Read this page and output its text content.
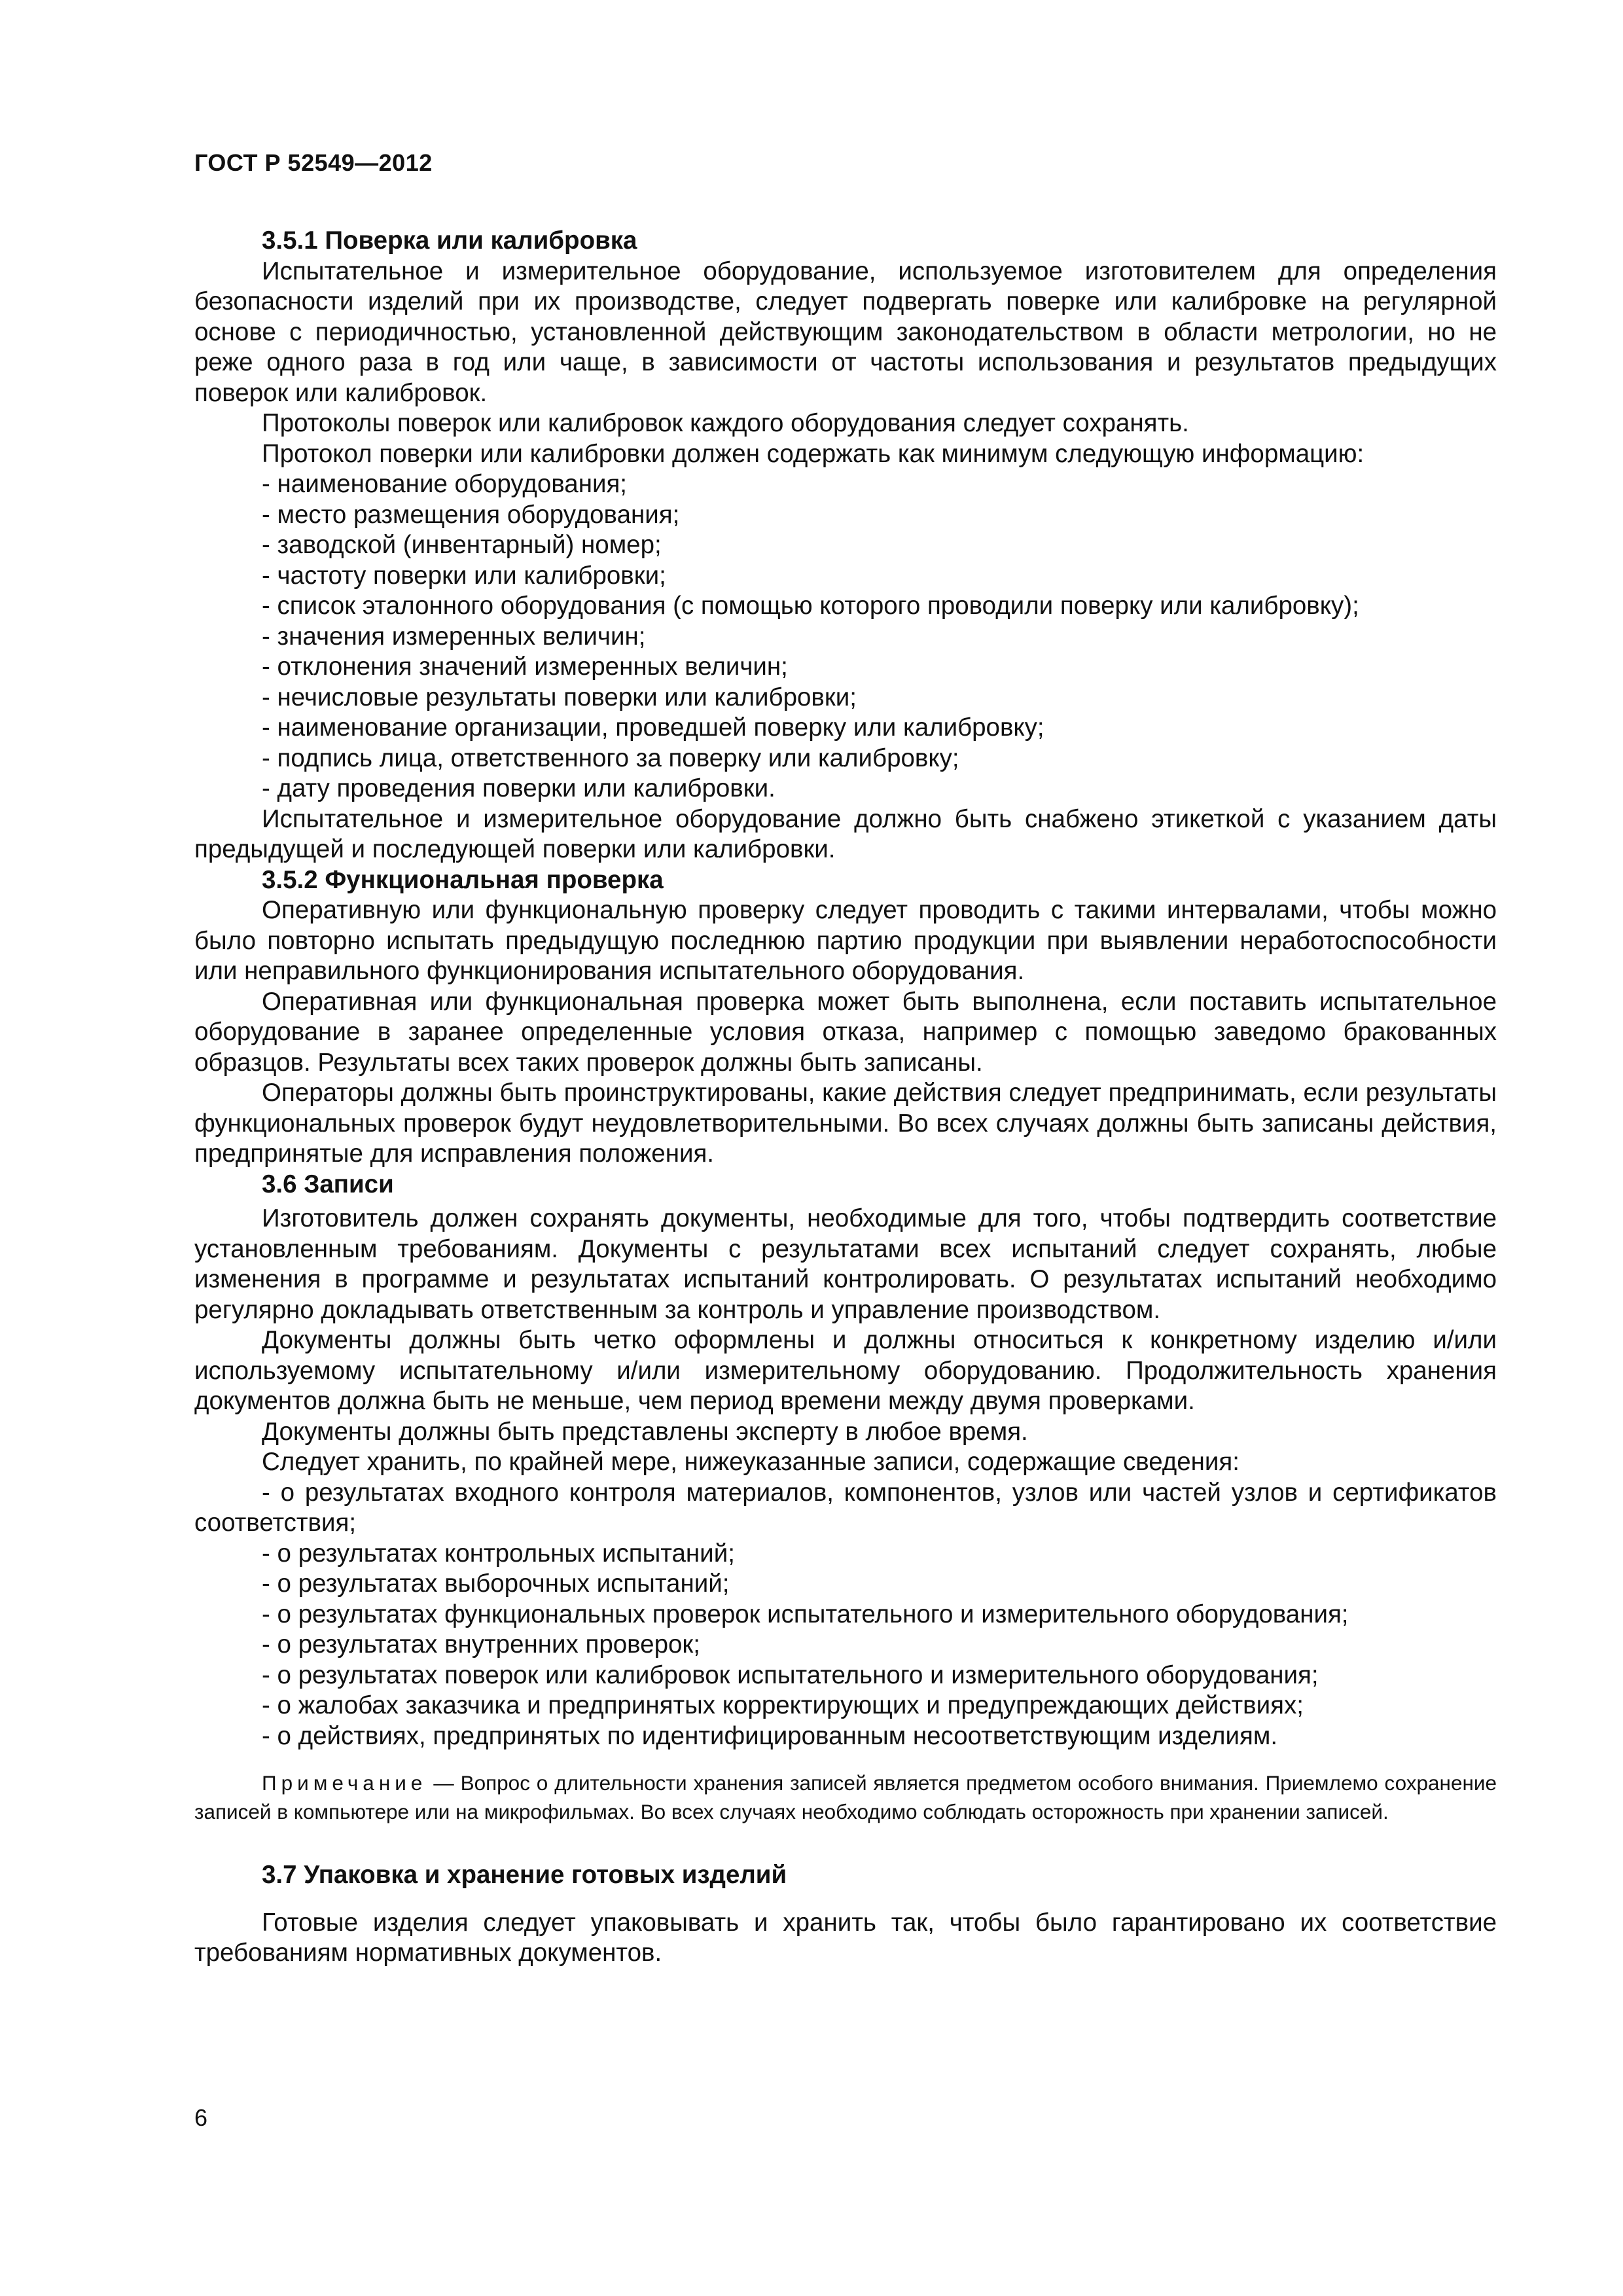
ГОСТ Р 52549—2012

3.5.1 Поверка или калибровка

Испытательное и измерительное оборудование, используемое изготовителем для определения безопасности изделий при их производстве, следует подвергать поверке или калибровке на регулярной основе с периодичностью, установленной действующим законодательством в области метрологии, но не реже одного раза в год или чаще, в зависимости от частоты использования и результатов предыдущих поверок или калибровок.

Протоколы поверок или калибровок каждого оборудования следует сохранять.

Протокол поверки или калибровки должен содержать как минимум следующую информацию:

- наименование оборудования;

- место размещения оборудования;

- заводской (инвентарный) номер;

- частоту поверки или калибровки;

- список эталонного оборудования (с помощью которого проводили поверку или калибровку);

- значения измеренных величин;

- отклонения значений измеренных величин;

- нечисловые результаты поверки или калибровки;

- наименование организации, проведшей поверку или калибровку;

- подпись лица, ответственного за поверку или калибровку;

- дату проведения поверки или калибровки.

Испытательное и измерительное оборудование должно быть снабжено этикеткой с указанием даты предыдущей и последующей поверки или калибровки.

3.5.2 Функциональная проверка

Оперативную или функциональную проверку следует проводить с такими интервалами, чтобы можно было повторно испытать предыдущую последнюю партию продукции при выявлении неработоспособности или неправильного функционирования испытательного оборудования.

Оперативная или функциональная проверка может быть выполнена, если поставить испытательное оборудование в заранее определенные условия отказа, например с помощью заведомо бракованных образцов. Результаты всех таких проверок должны быть записаны.

Операторы должны быть проинструктированы, какие действия следует предпринимать, если результаты функциональных проверок будут неудовлетворительными. Во всех случаях должны быть записаны действия, предпринятые для исправления положения.

3.6 Записи

Изготовитель должен сохранять документы, необходимые для того, чтобы подтвердить соответствие установленным требованиям. Документы с результатами всех испытаний следует сохранять, любые изменения в программе и результатах испытаний контролировать. О результатах испытаний необходимо регулярно докладывать ответственным за контроль и управление производством.

Документы должны быть четко оформлены и должны относиться к конкретному изделию и/или используемому испытательному и/или измерительному оборудованию. Продолжительность хранения документов должна быть не меньше, чем период времени между двумя проверками.

Документы должны быть представлены эксперту в любое время.

Следует хранить, по крайней мере, нижеуказанные записи, содержащие сведения:

- о результатах входного контроля материалов, компонентов, узлов или частей узлов и сертификатов соответствия;

- о результатах контрольных испытаний;

- о результатах выборочных испытаний;

- о результатах функциональных проверок испытательного и измерительного оборудования;

- о результатах внутренних проверок;

- о результатах поверок или калибровок испытательного и измерительного оборудования;

- о жалобах заказчика и предпринятых корректирующих и предупреждающих действиях;

- о действиях, предпринятых по идентифицированным несоответствующим изделиям.

Примечание — Вопрос о длительности хранения записей является предметом особого внимания. Приемлемо сохранение записей в компьютере или на микрофильмах. Во всех случаях необходимо соблюдать осторожность при хранении записей.

3.7 Упаковка и хранение готовых изделий

Готовые изделия следует упаковывать и хранить так, чтобы было гарантировано их соответствие требованиям нормативных документов.

6
